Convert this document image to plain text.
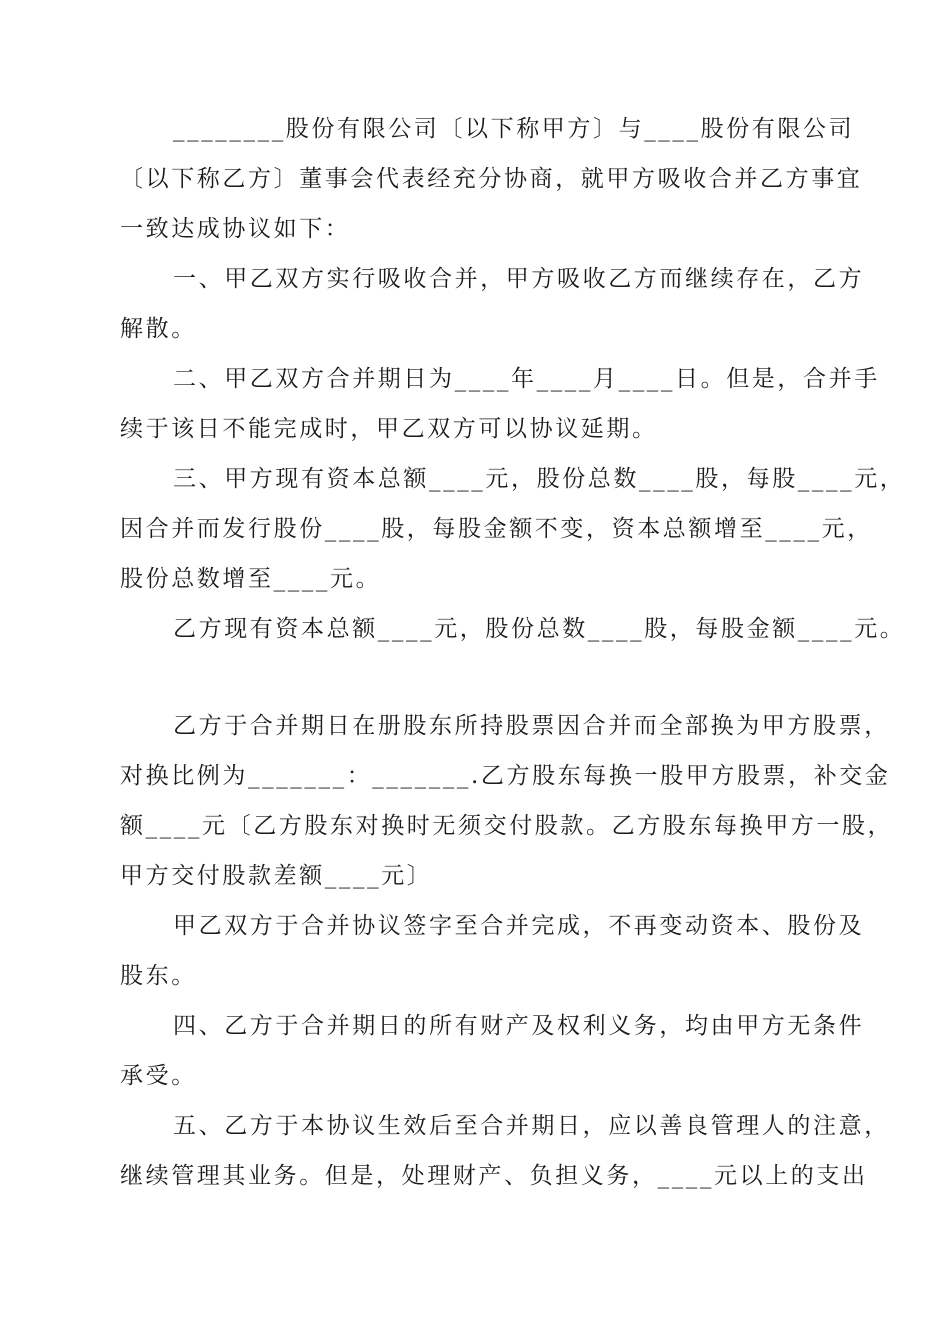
________股份有限公司〔以下称甲方〕与____股份有限公司
〔以下称乙方〕董事会代表经充分协商，就甲方吸收合并乙方事宜
一致达成协议如下：
一、甲乙双方实行吸收合并，甲方吸收乙方而继续存在，乙方
解散。
二、甲乙双方合并期日为____年____月____日。但是，合并手
续于该日不能完成时，甲乙双方可以协议延期。
三、甲方现有资本总额____元，股份总数____股，每股____元，
因合并而发行股份____股，每股金额不变，资本总额增至____元，
股份总数增至____元。
乙方现有资本总额____元，股份总数____股，每股金额____元。
乙方于合并期日在册股东所持股票因合并而全部换为甲方股票，
对换比例为_______：_______.乙方股东每换一股甲方股票，补交金
额____元〔乙方股东对换时无须交付股款。乙方股东每换甲方一股，
甲方交付股款差额____元〕
甲乙双方于合并协议签字至合并完成，不再变动资本、股份及
股东。
四、乙方于合并期日的所有财产及权利义务，均由甲方无条件
承受。
五、乙方于本协议生效后至合并期日，应以善良管理人的注意，
继续管理其业务。但是，处理财产、负担义务，____元以上的支出
